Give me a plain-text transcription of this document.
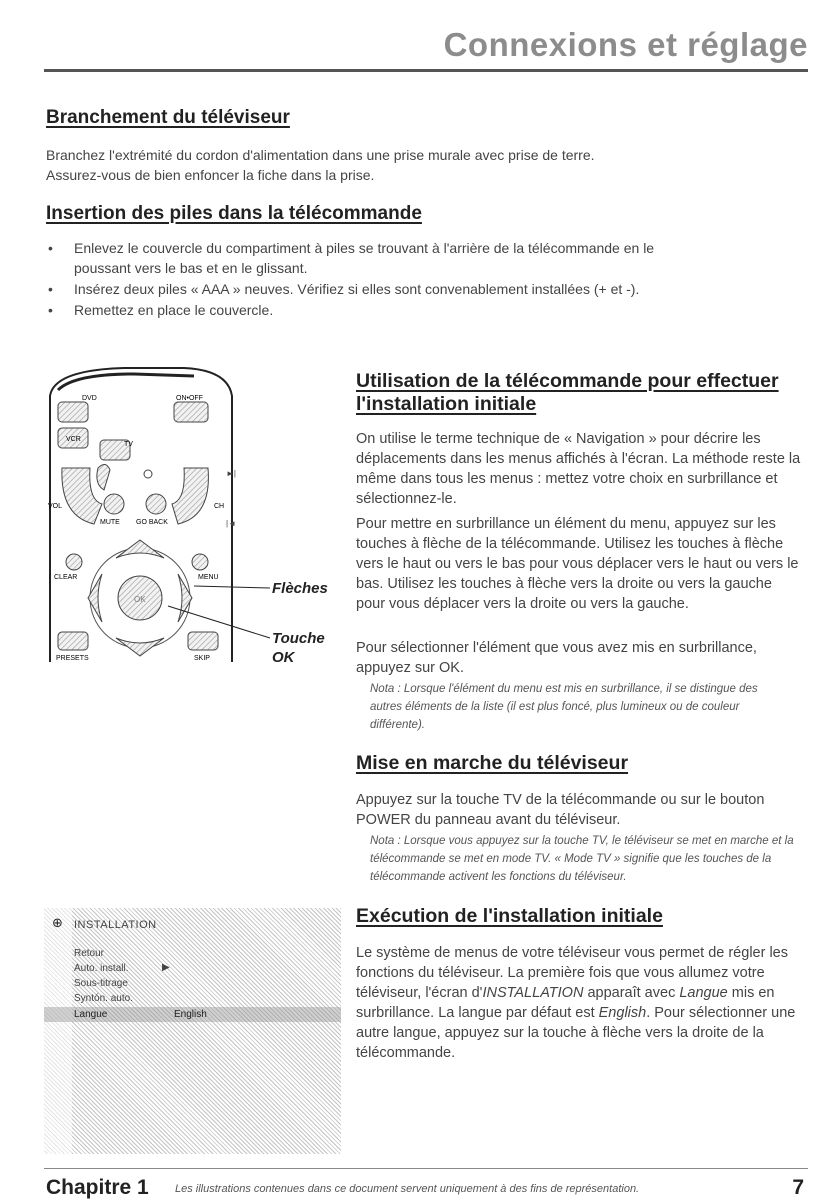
Connexions et réglage
Branchement du téléviseur

Branchez l'extrémité du cordon d'alimentation dans une prise murale avec prise de terre. Assurez-vous de bien enfoncer la fiche dans la prise.

Insertion des piles dans la télécommande
• Enlevez le couvercle du compartiment à piles se trouvant à l'arrière de la télécommande en le poussant vers le bas et en le glissant.
• Insérez deux piles « AAA » neuves. Vérifiez si elles sont convenablement installées (+ et -).
• Remettez en place le couvercle.
DVD	ON•OFF
VCR
TV
VOL	CH
►|
|◄
MUTE GO BACK
CLEAR	MENU
OK
PRESETS	SKIP
Flèches
Touche
OK
Utilisation de la télécommande pour effectuer
l'installation initiale

On utilise le terme technique de « Navigation » pour décrire les déplacements dans les menus affichés à l'écran. La méthode reste la même dans tous les menus : mettez votre choix en surbrillance et sélectionnez-le.

Pour mettre en surbrillance un élément du menu, appuyez sur les touches à flèche de la télécommande. Utilisez les touches à flèche vers le haut ou vers le bas pour vous déplacer vers le haut ou vers le bas. Utilisez les touches à flèche vers la droite ou vers la gauche pour vous déplacer vers la droite ou vers la gauche.

Pour sélectionner l'élément que vous avez mis en surbrillance, appuyez sur OK.

Nota : Lorsque l'élément du menu est mis en surbrillance, il se distingue des autres éléments de la liste (il est plus foncé, plus lumineux ou de couleur différente).

Mise en marche du téléviseur

Appuyez sur la touche TV de la télécommande ou sur le bouton POWER du panneau avant du téléviseur.

Nota : Lorsque vous appuyez sur la touche TV, le téléviseur se met en marche et la télécommande se met en mode TV. « Mode TV » signifie que les touches de la télécommande activent les fonctions du téléviseur.

Exécution de l'installation initiale

Le système de menus de votre téléviseur vous permet de régler les fonctions du téléviseur. La première fois que vous allumez votre téléviseur, l'écran d'INSTALLATION apparaît avec Langue mis en surbrillance. La langue par défaut est English. Pour sélectionner une autre langue, appuyez sur la touche à flèche vers la droite de la télécommande.

⊕ INSTALLATION
Retour
Auto. install.	▶
Sous-titrage
Syntón. auto.
Langue	English
Chapitre 1 Les illustrations contenues dans ce document servent uniquement à des fins de représentation.	7
